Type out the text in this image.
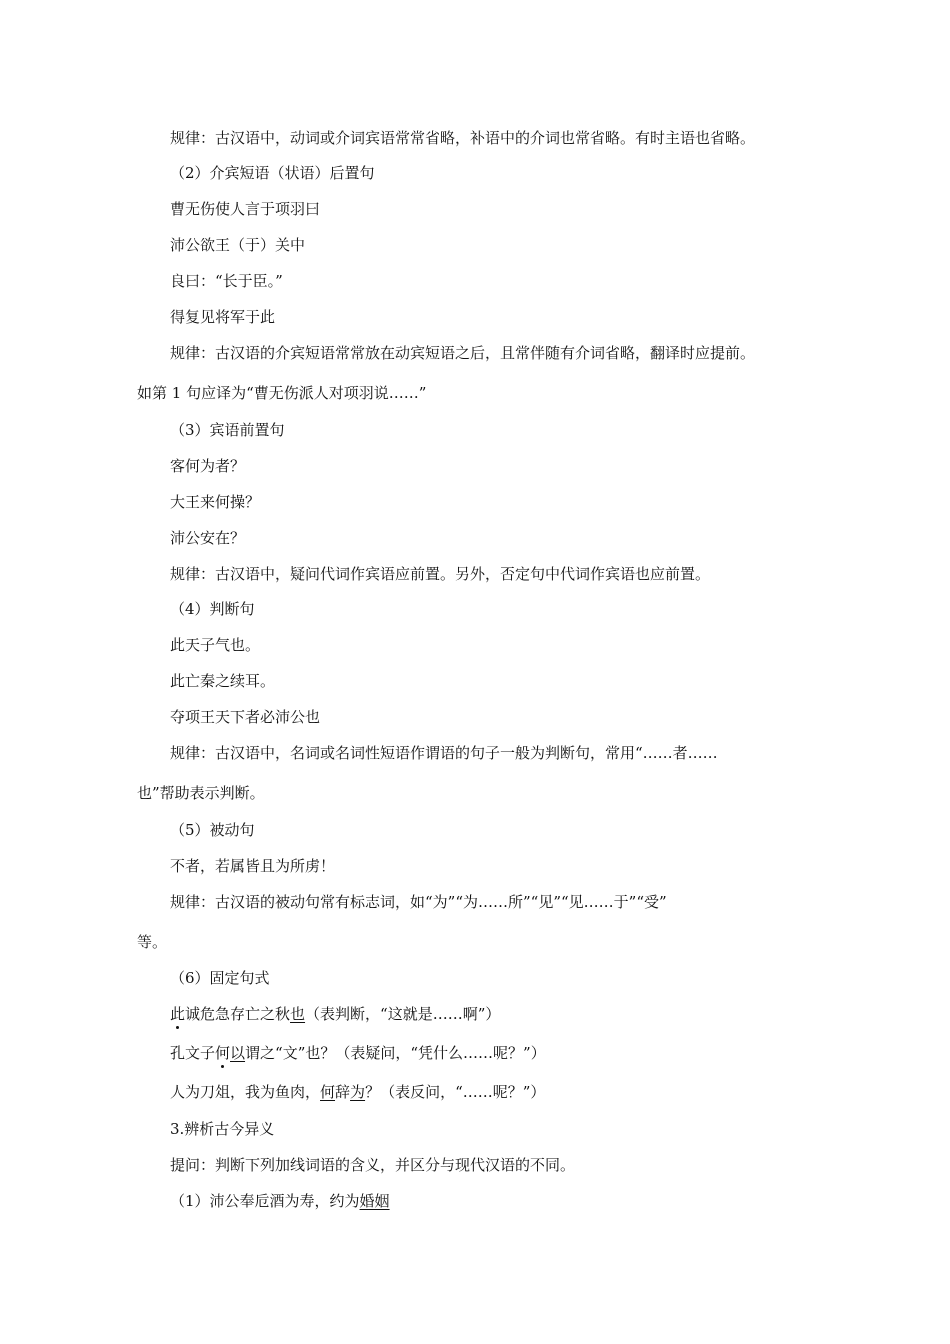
规律：古汉语中，动词或介词宾语常常省略，补语中的介词也常省略。有时主语也省略。
（2）介宾短语（状语）后置句
曹无伤使人言于项羽曰
沛公欲王（于）关中
良曰：“长于臣。”
得复见将军于此
规律：古汉语的介宾短语常常放在动宾短语之后，且常伴随有介词省略，翻译时应提前。
如第 1 句应译为“曹无伤派人对项羽说……”
（3）宾语前置句
客何为者？
大王来何操？
沛公安在？
规律：古汉语中，疑问代词作宾语应前置。另外，否定句中代词作宾语也应前置。
（4）判断句
此天子气也。
此亡秦之续耳。
夺项王天下者必沛公也
规律：古汉语中，名词或名词性短语作谓语的句子一般为判断句，常用“……者……
也”帮助表示判断。
（5）被动句
不者，若属皆且为所虏！
规律：古汉语的被动句常有标志词，如“为”“为……所”“见”“见……于”“受”
等。
（6）固定句式
此诚危急存亡之秋也（表判断，“这就是……啊”）
孔文子何以谓之“文”也？（表疑问，“凭什么……呢？”）
人为刀俎，我为鱼肉，何辞为？（表反问，“……呢？”）
3.辨析古今异义
提问：判断下列加线词语的含义，并区分与现代汉语的不同。
（1）沛公奉卮酒为寿，约为婚姻
